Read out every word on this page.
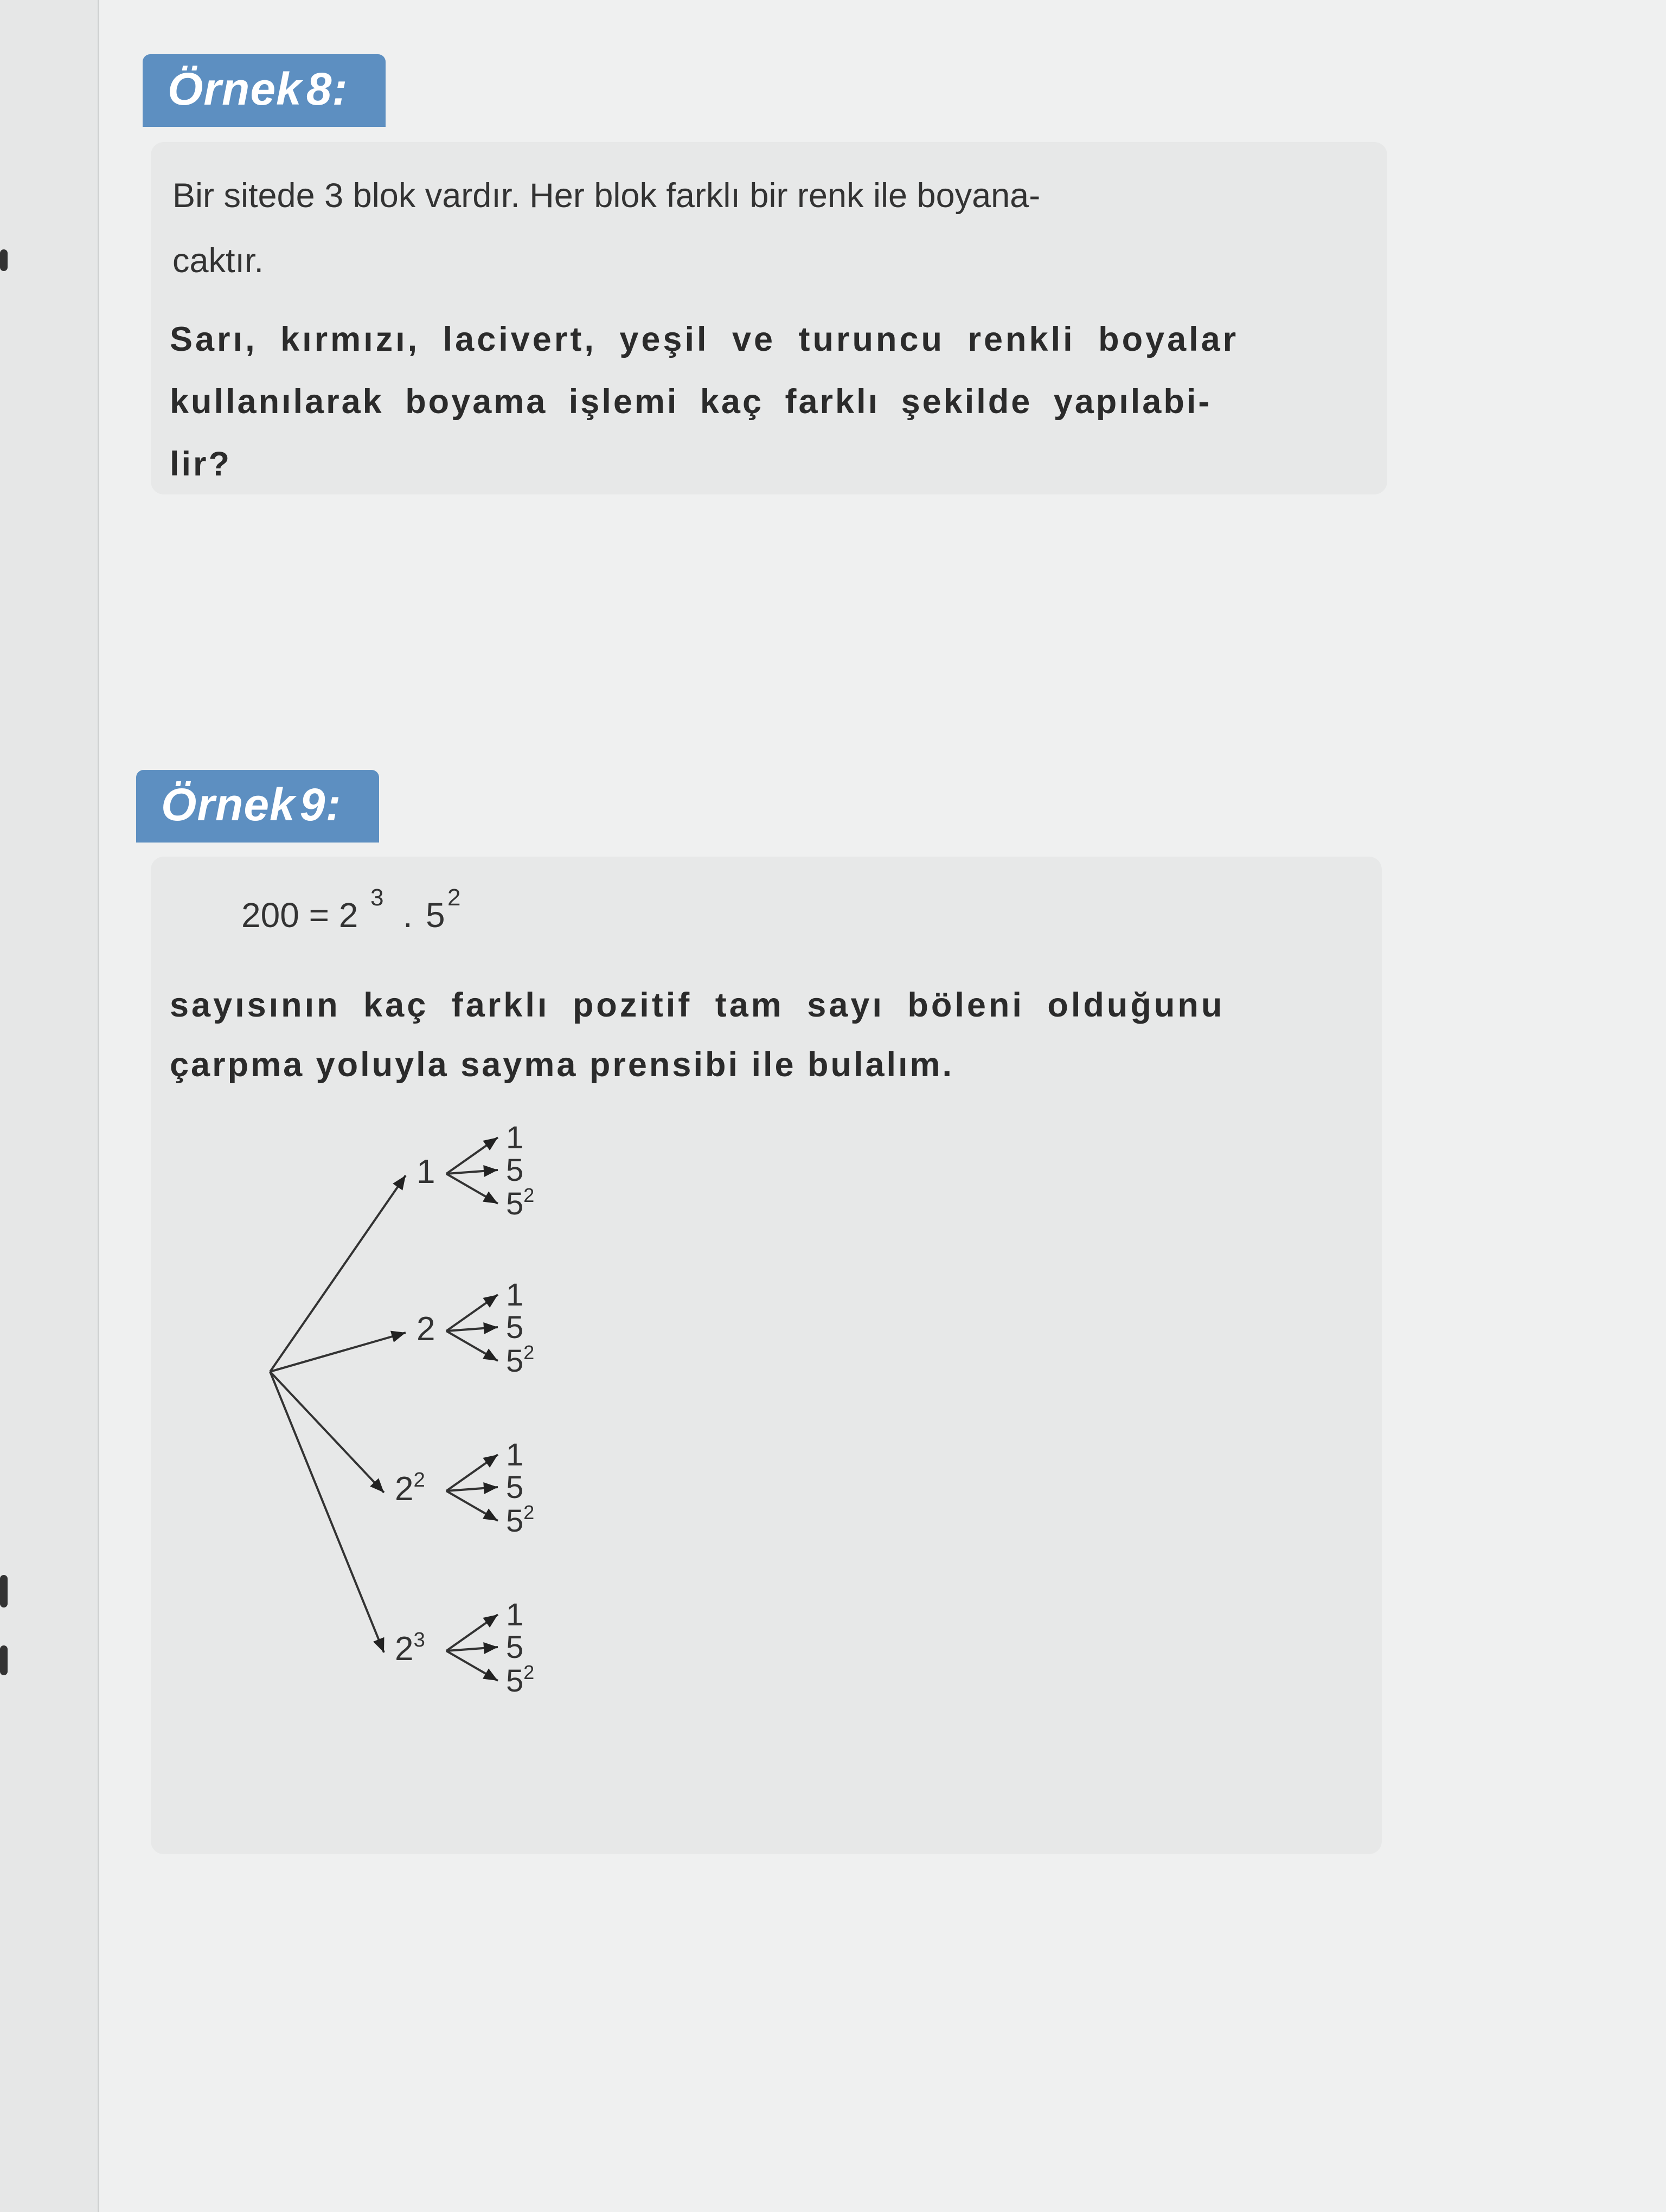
Örnek8:

Bir sitede 3 blok vardır. Her blok farklı bir renk ile boyana-

caktır.

Sarı, kırmızı, lacivert, yeşil ve turuncu renkli boyalar

kullanılarak boyama işlemi kaç farklı şekilde yapılabi-

lir?

Örnek9:
200 = 2 3 . 5 2
sayısının kaç farklı pozitif tam sayı böleni olduğunu
çarpma yoluyla sayma prensibi ile bulalım.
1
1
5
$5^2$
2
1
5
$5^2$
$2^2$
1
5
$5^2$
$2^3$
1
5
$5^2$
